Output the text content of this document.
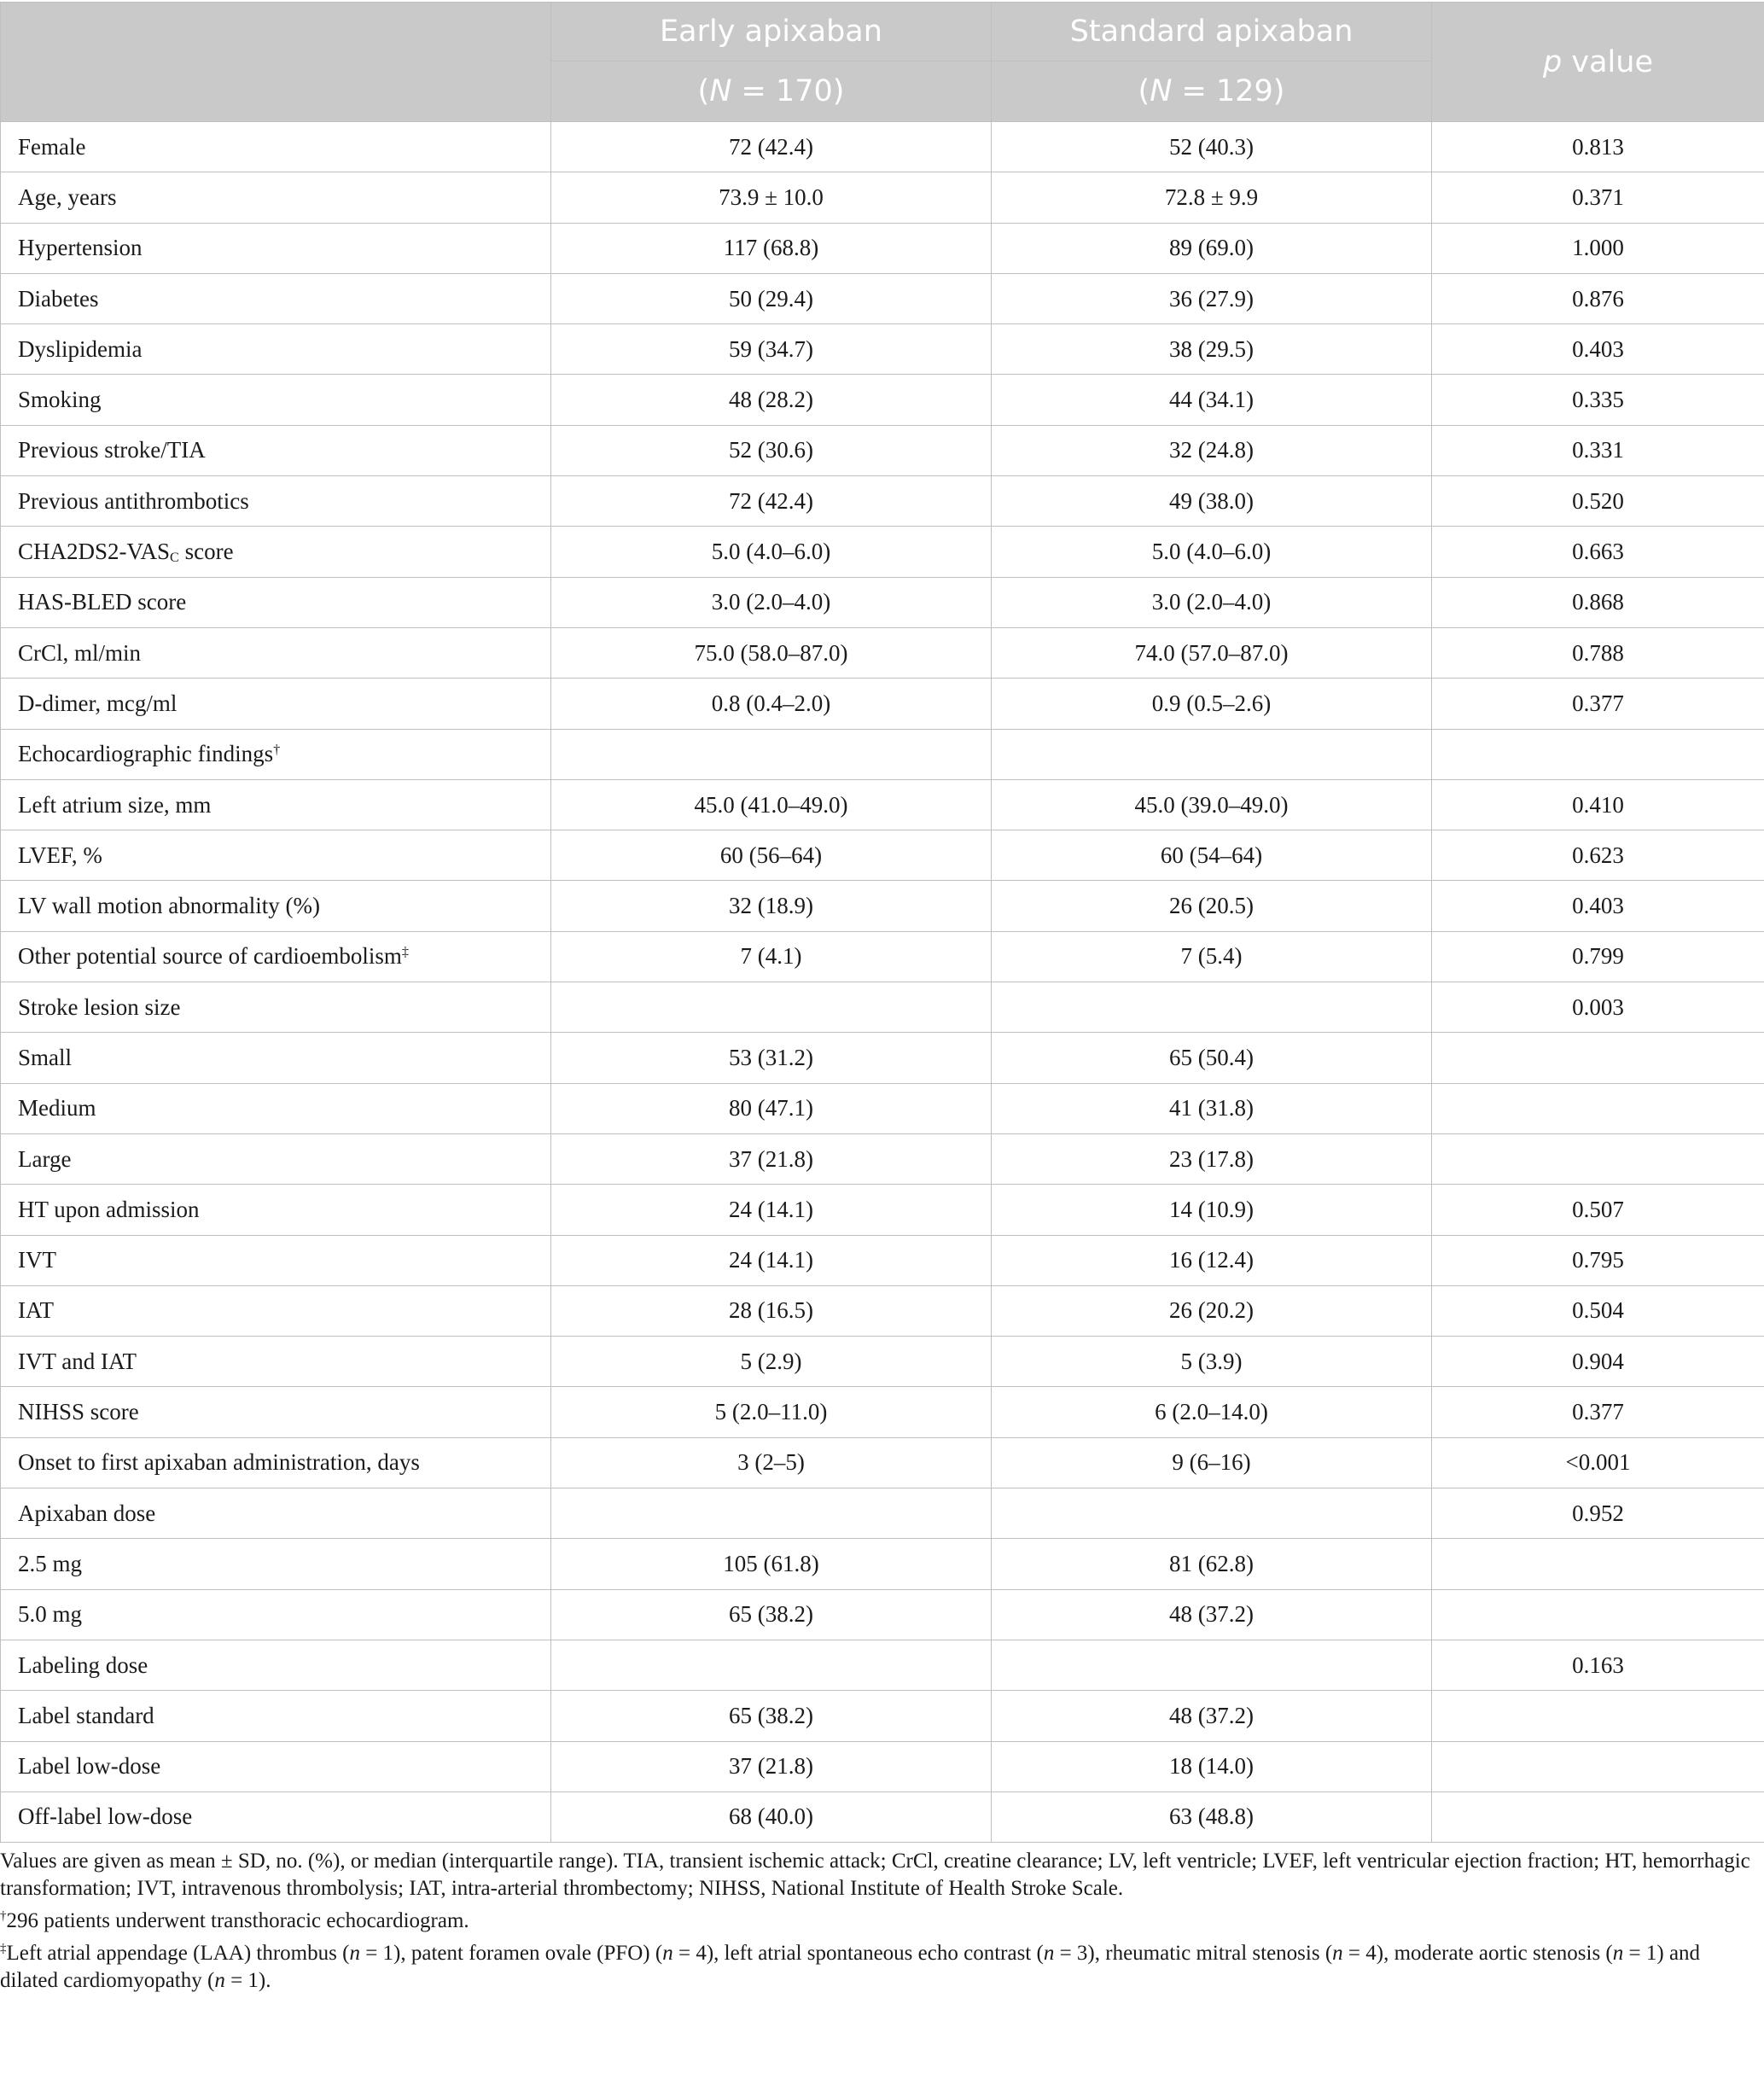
	Early apixaban	Standard apixaban	p value
	(N = 170)	(N = 129)	
Female	72 (42.4)	52 (40.3)	0.813
Age, years	73.9 ± 10.0	72.8 ± 9.9	0.371
Hypertension	117 (68.8)	89 (69.0)	1.000
Diabetes	50 (29.4)	36 (27.9)	0.876
Dyslipidemia	59 (34.7)	38 (29.5)	0.403
Smoking	48 (28.2)	44 (34.1)	0.335
Previous stroke/TIA	52 (30.6)	32 (24.8)	0.331
Previous antithrombotics	72 (42.4)	49 (38.0)	0.520
$CHA2DS2-VAS_C$ score	5.0 (4.0–6.0)	5.0 (4.0–6.0)	0.663
HAS-BLED score	3.0 (2.0–4.0)	3.0 (2.0–4.0)	0.868
CrCl, ml/min	75.0 (58.0–87.0)	74.0 (57.0–87.0)	0.788
D-dimer, mcg/ml	0.8 (0.4–2.0)	0.9 (0.5–2.6)	0.377
Echocardiographic findings†			
Left atrium size, mm	45.0 (41.0–49.0)	45.0 (39.0–49.0)	0.410
LVEF, %	60 (56–64)	60 (54–64)	0.623
LV wall motion abnormality (%)	32 (18.9)	26 (20.5)	0.403
Other potential source of cardioembolism‡	7 (4.1)	7 (5.4)	0.799
Stroke lesion size			0.003
Small	53 (31.2)	65 (50.4)	
Medium	80 (47.1)	41 (31.8)	
Large	37 (21.8)	23 (17.8)	
HT upon admission	24 (14.1)	14 (10.9)	0.507
IVT	24 (14.1)	16 (12.4)	0.795
IAT	28 (16.5)	26 (20.2)	0.504
IVT and IAT	5 (2.9)	5 (3.9)	0.904
NIHSS score	5 (2.0–11.0)	6 (2.0–14.0)	0.377
Onset to first apixaban administration, days	3 (2–5)	9 (6–16)	<0.001
Apixaban dose			0.952
2.5 mg	105 (61.8)	81 (62.8)	
5.0 mg	65 (38.2)	48 (37.2)	
Labeling dose			0.163
Label standard	65 (38.2)	48 (37.2)	
Label low-dose	37 (21.8)	18 (14.0)	
Off-label low-dose	68 (40.0)	63 (48.8)	

Values are given as mean ± SD, no. (%), or median (interquartile range). TIA, transient ischemic attack; CrCl, creatine clearance; LV, left ventricle; LVEF, left ventricular ejection fraction; HT, hemorrhagic transformation; IVT, intravenous thrombolysis; IAT, intra-arterial thrombectomy; NIHSS, National Institute of Health Stroke Scale.

†296 patients underwent transthoracic echocardiogram.

‡Left atrial appendage (LAA) thrombus (n = 1), patent foramen ovale (PFO) (n = 4), left atrial spontaneous echo contrast (n = 3), rheumatic mitral stenosis (n = 4), moderate aortic stenosis (n = 1) and dilated cardiomyopathy (n = 1).
